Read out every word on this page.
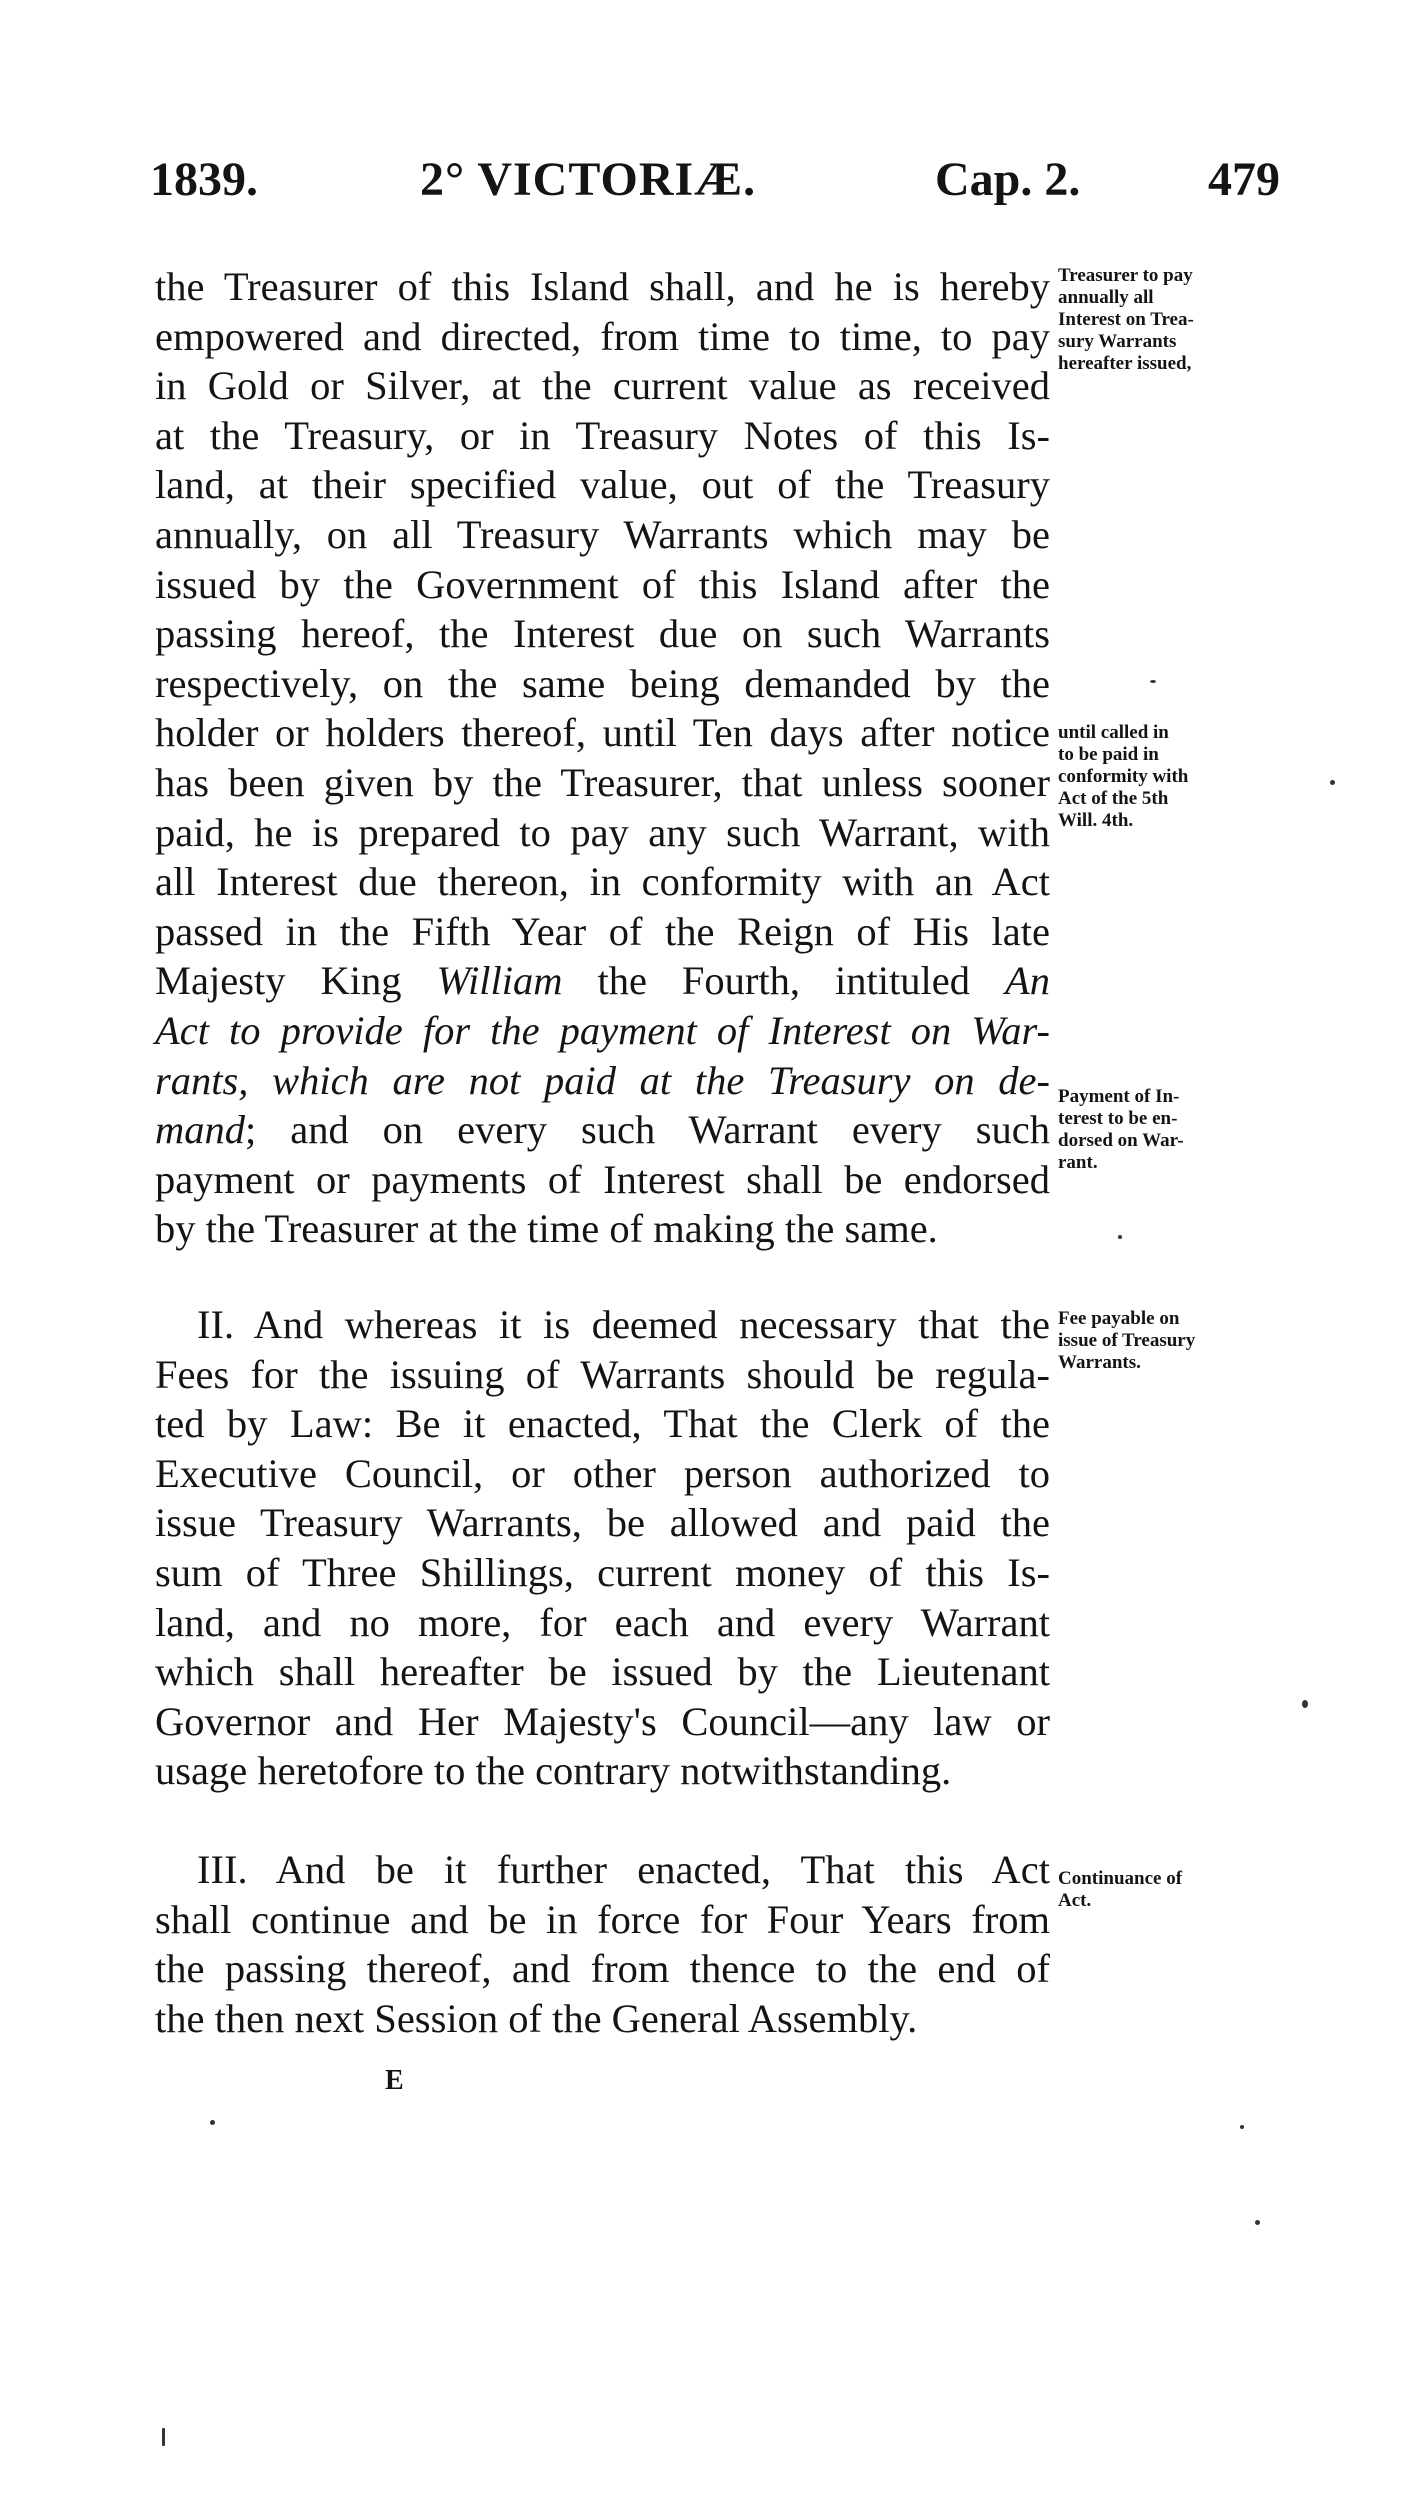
1839.	2° VICTORIÆ.	Cap. 2.	479
the Treasurer of this Island shall, and he is hereby
empowered and directed, from time to time, to pay
in Gold or Silver, at the current value as received
at the Treasury, or in Treasury Notes of this Is-
land, at their specified value, out of the Treasury
annually, on all Treasury Warrants which may be
issued by the Government of this Island after the
passing hereof, the Interest due on such Warrants
respectively, on the same being demanded by the
holder or holders thereof, until Ten days after notice
has been given by the Treasurer, that unless sooner
paid, he is prepared to pay any such Warrant, with
all Interest due thereon, in conformity with an Act
passed in the Fifth Year of the Reign of His late
Majesty King William the Fourth, intituled An
Act to provide for the payment of Interest on War-
rants, which are not paid at the Treasury on de-
mand; and on every such Warrant every such
payment or payments of Interest shall be endorsed
by the Treasurer at the time of making the same.
II. And whereas it is deemed necessary that the
Fees for the issuing of Warrants should be regula-
ted by Law: Be it enacted, That the Clerk of the
Executive Council, or other person authorized to
issue Treasury Warrants, be allowed and paid the
sum of Three Shillings, current money of this Is-
land, and no more, for each and every Warrant
which shall hereafter be issued by the Lieutenant
Governor and Her Majesty's Council—any law or
usage heretofore to the contrary notwithstanding.
III. And be it further enacted, That this Act
shall continue and be in force for Four Years from
the passing thereof, and from thence to the end of
the then next Session of the General Assembly.
Treasurer to pay
annually all
Interest on Trea-
sury Warrants
hereafter issued,
until called in
to be paid in
conformity with
Act of the 5th
Will. 4th.
Payment of In-
terest to be en-
dorsed on War-
rant.
Fee payable on
issue of Treasury
Warrants.
Continuance of
Act.
E
